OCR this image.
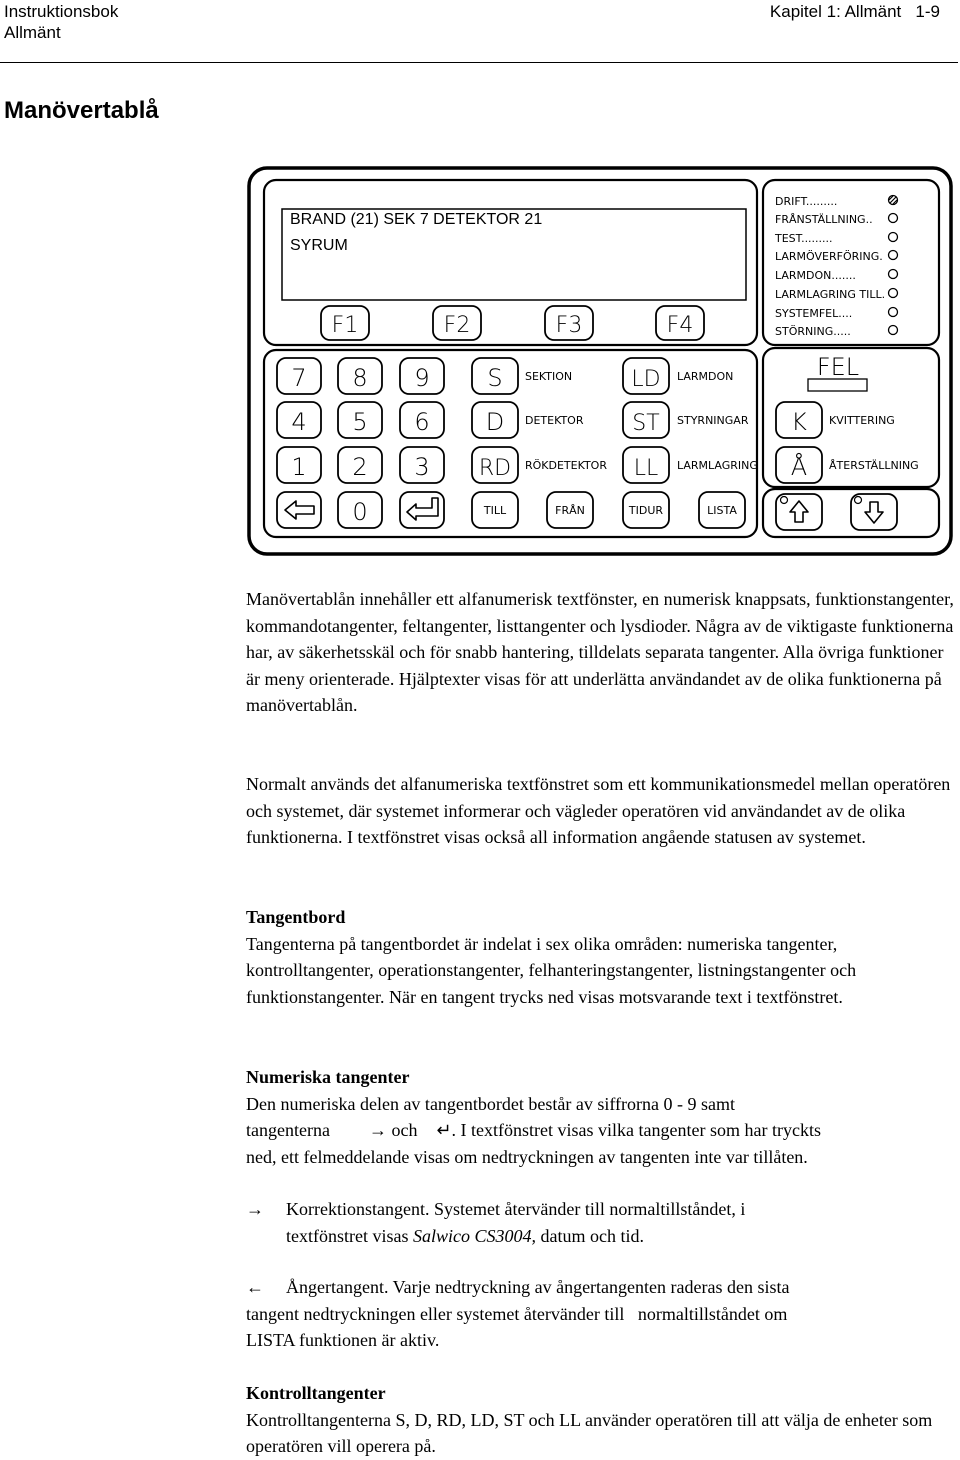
Instruktionsbok
Allmänt
Kapitel 1: Allmänt   1-9
Manövertablå
BRAND (21) SEK 7 DETEKTOR 21
SYRUM
F1	F2	F3	F4
DRIFT.........
FRÅNSTÄLLNING..
TEST.........
LARMÖVERFÖRING.
LARMDON.......
LARMLAGRING TILL.
SYSTEMFEL....
STÖRNING.....
7 8 9
4 5 6
1 2 3
0
S SEKTION
D DETEKTOR
RD RÖKDETEKTOR
LD LARMDON
ST STYRNINGAR
LL LARMLAGRING
TILL	FRÅN	TIDUR	LISTA
FEL
K KVITTERING
Å ÅTERSTÄLLNING

Manövertablån innehåller ett alfanumerisk textfönster, en numerisk knappsats, funktionstangenter, kommandotangenter, feltangenter, listtangenter och lysdioder. Några av de viktigaste funktionerna har, av säkerhetsskäl och för snabb hantering, tilldelats separata tangenter. Alla övriga funktioner är meny orienterade. Hjälptexter visas för att underlätta användandet av de olika funktionerna på manövertablån.

Normalt används det alfanumeriska textfönstret som ett kommunikationsmedel mellan operatören och systemet, där systemet informerar och vägleder operatören vid användandet av de olika funktionerna. I textfönstret visas också all information angående statusen av systemet.

Tangentbord
Tangenterna på tangentbordet är indelat i sex olika områden: numeriska tangenter, kontrolltangenter, operationstangenter, felhanteringstangenter, listningstangenter och funktionstangenter. När en tangent trycks ned visas motsvarande text i textfönstret.
Numeriska tangenter
Den numeriska delen av tangentbordet består av siffrorna 0 - 9 samt
tangenterna → och ↵. I textfönstret visas vilka tangenter som har tryckts
ned, ett felmeddelande visas om nedtryckningen av tangenten inte var tillåten.
→ Korrektionstangent. Systemet återvänder till normaltillståndet, i
textfönstret visas Salwico CS3004, datum och tid.
← Ångertangent. Varje nedtryckning av ångertangenten raderas den sista
tangent nedtryckningen eller systemet återvänder till   normaltillståndet om
LISTA funktionen är aktiv.
Kontrolltangenter
Kontrolltangenterna S, D, RD, LD, ST och LL använder operatören till att välja de enheter som operatören vill operera på.
